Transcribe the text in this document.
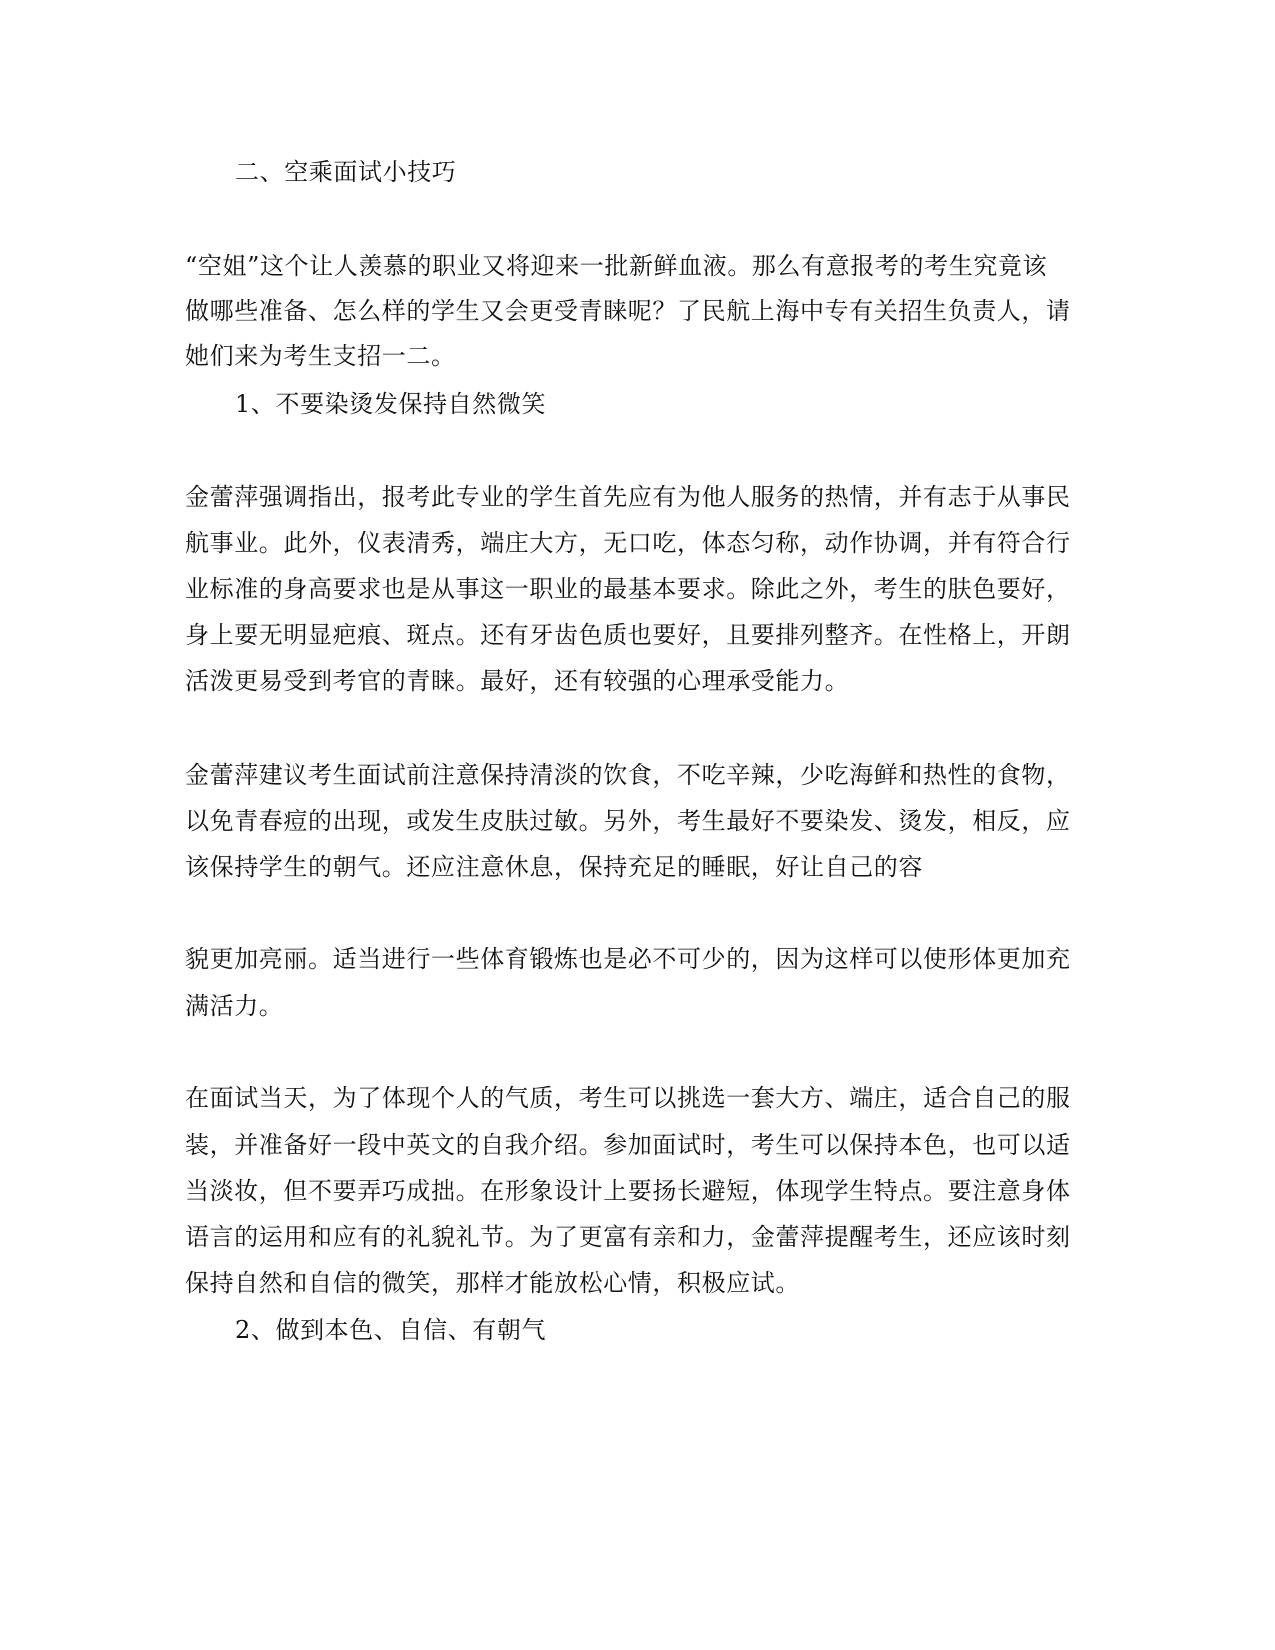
二、空乘面试小技巧
“空姐”这个让人羡慕的职业又将迎来一批新鲜血液。那么有意报考的考生究竟该
做哪些准备、怎么样的学生又会更受青睐呢？了民航上海中专有关招生负责人，请
她们来为考生支招一二。
1、不要染烫发保持自然微笑
金蕾萍强调指出，报考此专业的学生首先应有为他人服务的热情，并有志于从事民
航事业。此外，仪表清秀，端庄大方，无口吃，体态匀称，动作协调，并有符合行
业标准的身高要求也是从事这一职业的最基本要求。除此之外，考生的肤色要好，
身上要无明显疤痕、斑点。还有牙齿色质也要好，且要排列整齐。在性格上，开朗
活泼更易受到考官的青睐。最好，还有较强的心理承受能力。
金蕾萍建议考生面试前注意保持清淡的饮食，不吃辛辣，少吃海鲜和热性的食物，
以免青春痘的出现，或发生皮肤过敏。另外，考生最好不要染发、烫发，相反，应
该保持学生的朝气。还应注意休息，保持充足的睡眠，好让自己的容
貌更加亮丽。适当进行一些体育锻炼也是必不可少的，因为这样可以使形体更加充
满活力。
在面试当天，为了体现个人的气质，考生可以挑选一套大方、端庄，适合自己的服
装，并准备好一段中英文的自我介绍。参加面试时，考生可以保持本色，也可以适
当淡妆，但不要弄巧成拙。在形象设计上要扬长避短，体现学生特点。要注意身体
语言的运用和应有的礼貌礼节。为了更富有亲和力，金蕾萍提醒考生，还应该时刻
保持自然和自信的微笑，那样才能放松心情，积极应试。
2、做到本色、自信、有朝气
